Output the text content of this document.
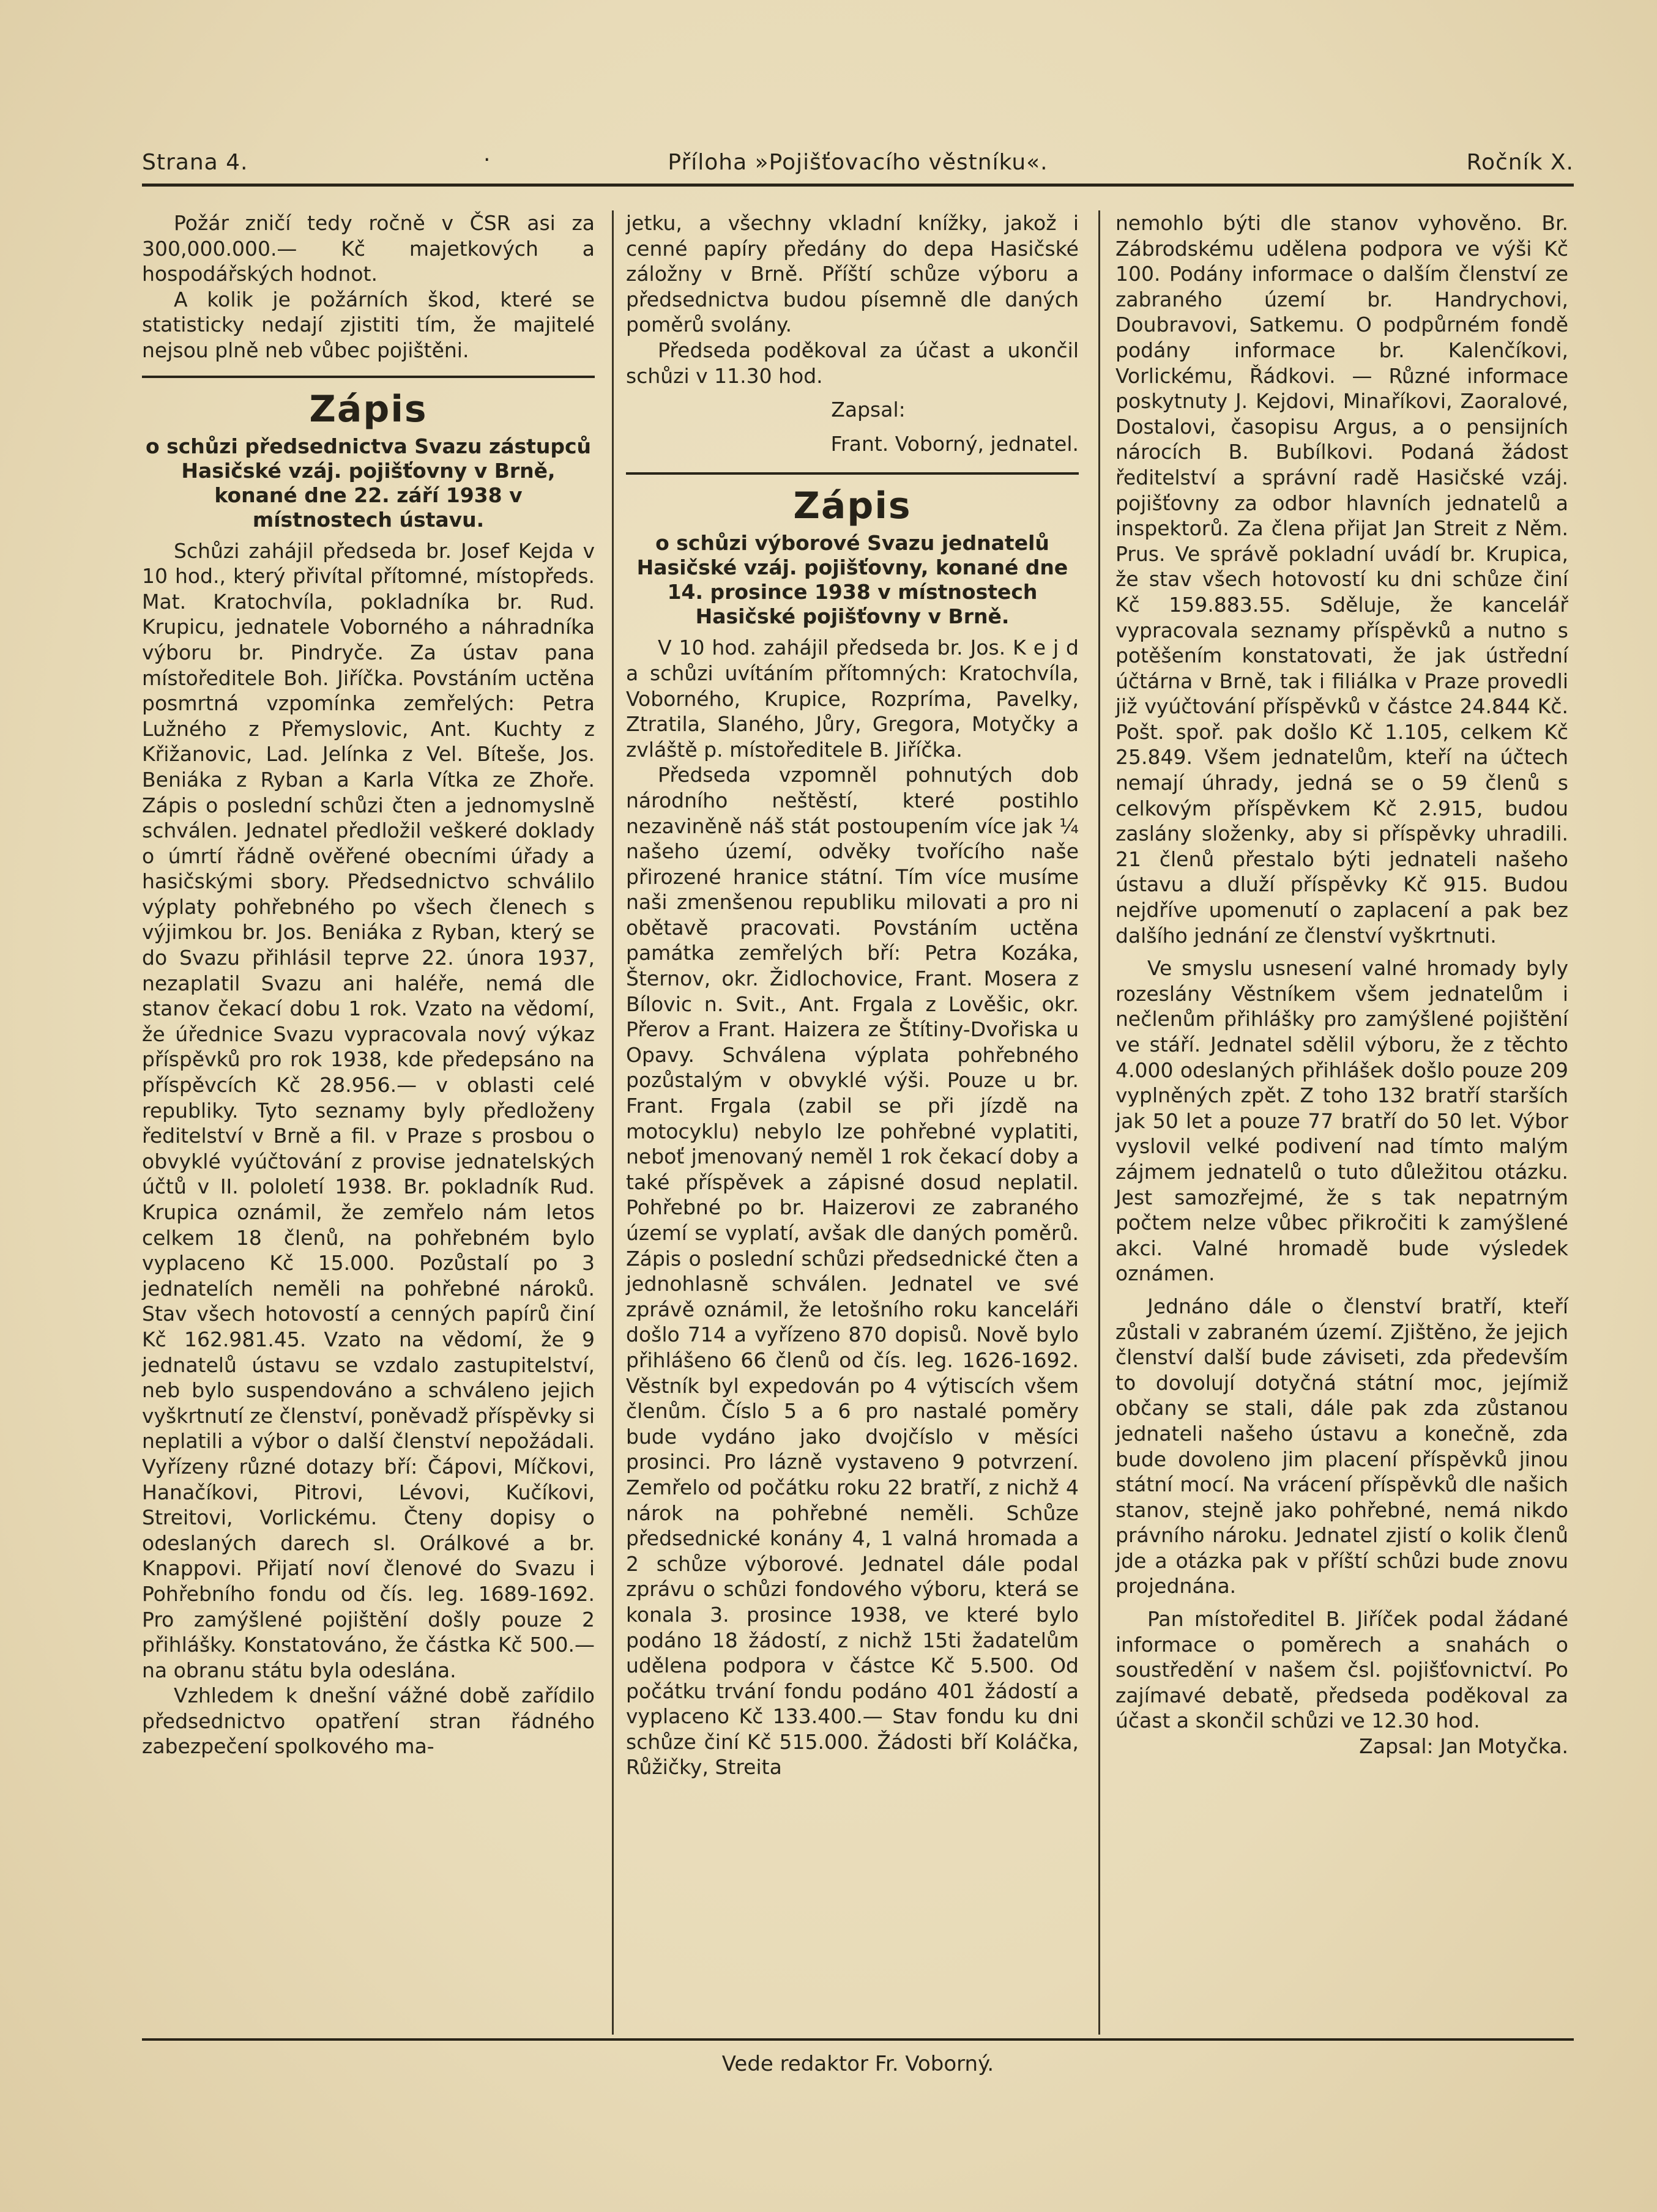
Strana 4.	·	Příloha »Pojišťovacího věstníku«.	Ročník X.

Požár zničí tedy ročně v ČSR asi za 300,000.000.— Kč majetkových a hospodářských hodnot.

A kolik je požárních škod, které se statisticky nedají zjistiti tím, že majitelé nejsou plně neb vůbec pojištěni.

Zápis
o schůzi předsednictva Svazu zástupců Hasičské vzáj. pojišťovny v Brně, konané dne 22. září 1938 v místnostech ústavu.

Schůzi zahájil předseda br. Josef Kejda v 10 hod., který přivítal přítomné, místopředs. Mat. Kratochvíla, pokladníka br. Rud. Krupicu, jednatele Voborného a náhradníka výboru br. Pindryče. Za ústav pana místoředitele Boh. Jiříčka. Povstáním uctěna posmrtná vzpomínka zemřelých: Petra Lužného z Přemyslovic, Ant. Kuchty z Křižanovic, Lad. Jelínka z Vel. Bíteše, Jos. Beniáka z Ryban a Karla Vítka ze Zhoře. Zápis o poslední schůzi čten a jednomyslně schválen. Jednatel předložil veškeré doklady o úmrtí řádně ověřené obecními úřady a hasičskými sbory. Předsednictvo schválilo výplaty pohřebného po všech členech s výjimkou br. Jos. Beniáka z Ryban, který se do Svazu přihlásil teprve 22. února 1937, nezaplatil Svazu ani haléře, nemá dle stanov čekací dobu 1 rok. Vzato na vědomí, že úřednice Svazu vypracovala nový výkaz příspěvků pro rok 1938, kde předepsáno na příspěvcích Kč 28.956.— v oblasti celé republiky. Tyto seznamy byly předloženy ředitelství v Brně a fil. v Praze s prosbou o obvyklé vyúčtování z provise jednatelských účtů v II. pololetí 1938. Br. pokladník Rud. Krupica oznámil, že zemřelo nám letos celkem 18 členů, na pohřebném bylo vyplaceno Kč 15.000. Pozůstalí po 3 jednatelích neměli na pohřebné nároků. Stav všech hotovostí a cenných papírů činí Kč 162.981.45. Vzato na vědomí, že 9 jednatelů ústavu se vzdalo zastupitelství, neb bylo suspendováno a schváleno jejich vyškrtnutí ze členství, poněvadž příspěvky si neplatili a výbor o další členství nepožádali. Vyřízeny různé dotazy bří: Čápovi, Míčkovi, Hanačíkovi, Pitrovi, Lévovi, Kučíkovi, Streitovi, Vorlickému. Čteny dopisy o odeslaných darech sl. Orálkové a br. Knappovi. Přijatí noví členové do Svazu i Pohřebního fondu od čís. leg. 1689-1692. Pro zamýšlené pojištění došly pouze 2 přihlášky. Konstatováno, že částka Kč 500.— na obranu státu byla odeslána.

Vzhledem k dnešní vážné době zařídilo předsednictvo opatření stran řádného zabezpečení spolkového ma-

jetku, a všechny vkladní knížky, jakož i cenné papíry předány do depa Hasičské záložny v Brně. Příští schůze výboru a předsednictva budou písemně dle daných poměrů svolány.

Předseda poděkoval za účast a ukončil schůzi v 11.30 hod.

Zapsal:

Frant. Voborný, jednatel.

Zápis
o schůzi výborové Svazu jednatelů Hasičské vzáj. pojišťovny, konané dne 14. prosince 1938 v místnostech Hasičské pojišťovny v Brně.

V 10 hod. zahájil předseda br. Jos. K e j d a schůzi uvítáním přítomných: Kratochvíla, Voborného, Krupice, Rozpríma, Pavelky, Ztratila, Slaného, Jůry, Gregora, Motyčky a zvláště p. místoředitele B. Jiříčka.

Předseda vzpomněl pohnutých dob národního neštěstí, které postihlo nezaviněně náš stát postoupením více jak ¼ našeho území, odvěky tvořícího naše přirozené hranice státní. Tím více musíme naši zmenšenou republiku milovati a pro ni obětavě pracovati. Povstáním uctěna památka zemřelých bří: Petra Kozáka, Šternov, okr. Židlochovice, Frant. Mosera z Bílovic n. Svit., Ant. Frgala z Lověšic, okr. Přerov a Frant. Haizera ze Štítiny-Dvořiska u Opavy. Schválena výplata pohřebného pozůstalým v obvyklé výši. Pouze u br. Frant. Frgala (zabil se při jízdě na motocyklu) nebylo lze pohřebné vyplatiti, neboť jmenovaný neměl 1 rok čekací doby a také příspěvek a zápisné dosud neplatil. Pohřebné po br. Haizerovi ze zabraného území se vyplatí, avšak dle daných poměrů. Zápis o poslední schůzi předsednické čten a jednohlasně schválen. Jednatel ve své zprávě oznámil, že letošního roku kanceláři došlo 714 a vyřízeno 870 dopisů. Nově bylo přihlášeno 66 členů od čís. leg. 1626-1692. Věstník byl expedován po 4 výtiscích všem členům. Číslo 5 a 6 pro nastalé poměry bude vydáno jako dvojčíslo v měsíci prosinci. Pro lázně vystaveno 9 potvrzení. Zemřelo od počátku roku 22 bratří, z nichž 4 nárok na pohřebné neměli. Schůze předsednické konány 4, 1 valná hromada a 2 schůze výborové. Jednatel dále podal zprávu o schůzi fondového výboru, která se konala 3. prosince 1938, ve které bylo podáno 18 žádostí, z nichž 15ti žadatelům udělena podpora v částce Kč 5.500. Od počátku trvání fondu podáno 401 žádostí a vyplaceno Kč 133.400.— Stav fondu ku dni schůze činí Kč 515.000. Žádosti bří Koláčka, Růžičky, Streita

nemohlo býti dle stanov vyhověno. Br. Zábrodskému udělena podpora ve výši Kč 100. Podány informace o dalším členství ze zabraného území br. Handrychovi, Doubravovi, Satkemu. O podpůrném fondě podány informace br. Kalenčíkovi, Vorlickému, Řádkovi. — Různé informace poskytnuty J. Kejdovi, Minaříkovi, Zaoralové, Dostalovi, časopisu Argus, a o pensijních nárocích B. Bubílkovi. Podaná žádost ředitelství a správní radě Hasičské vzáj. pojišťovny za odbor hlavních jednatelů a inspektorů. Za člena přijat Jan Streit z Něm. Prus. Ve správě pokladní uvádí br. Krupica, že stav všech hotovostí ku dni schůze činí Kč 159.883.55. Sděluje, že kancelář vypracovala seznamy příspěvků a nutno s potěšením konstatovati, že jak ústřední účtárna v Brně, tak i filiálka v Praze provedli již vyúčtování příspěvků v částce 24.844 Kč. Pošt. spoř. pak došlo Kč 1.105, celkem Kč 25.849. Všem jednatelům, kteří na účtech nemají úhrady, jedná se o 59 členů s celkovým příspěvkem Kč 2.915, budou zaslány složenky, aby si příspěvky uhradili. 21 členů přestalo býti jednateli našeho ústavu a dluží příspěvky Kč 915. Budou nejdříve upomenutí o zaplacení a pak bez dalšího jednání ze členství vyškrtnuti.

Ve smyslu usnesení valné hromady byly rozeslány Věstníkem všem jednatelům i nečlenům přihlášky pro zamýšlené pojištění ve stáří. Jednatel sdělil výboru, že z těchto 4.000 odeslaných přihlášek došlo pouze 209 vyplněných zpět. Z toho 132 bratří starších jak 50 let a pouze 77 bratří do 50 let. Výbor vyslovil velké podivení nad tímto malým zájmem jednatelů o tuto důležitou otázku. Jest samozřejmé, že s tak nepatrným počtem nelze vůbec přikročiti k zamýšlené akci. Valné hromadě bude výsledek oznámen.

Jednáno dále o členství bratří, kteří zůstali v zabraném území. Zjištěno, že jejich členství další bude záviseti, zda především to dovolují dotyčná státní moc, jejímiž občany se stali, dále pak zda zůstanou jednateli našeho ústavu a konečně, zda bude dovoleno jim placení příspěvků jinou státní mocí. Na vrácení příspěvků dle našich stanov, stejně jako pohřebné, nemá nikdo právního nároku. Jednatel zjistí o kolik členů jde a otázka pak v příští schůzi bude znovu projednána.

Pan místoředitel B. Jiříček podal žádané informace o poměrech a snahách o soustředění v našem čsl. pojišťovnictví. Po zajímavé debatě, předseda poděkoval za účast a skončil schůzi ve 12.30 hod.

Zapsal: Jan Motyčka.

Vede redaktor Fr. Voborný.
